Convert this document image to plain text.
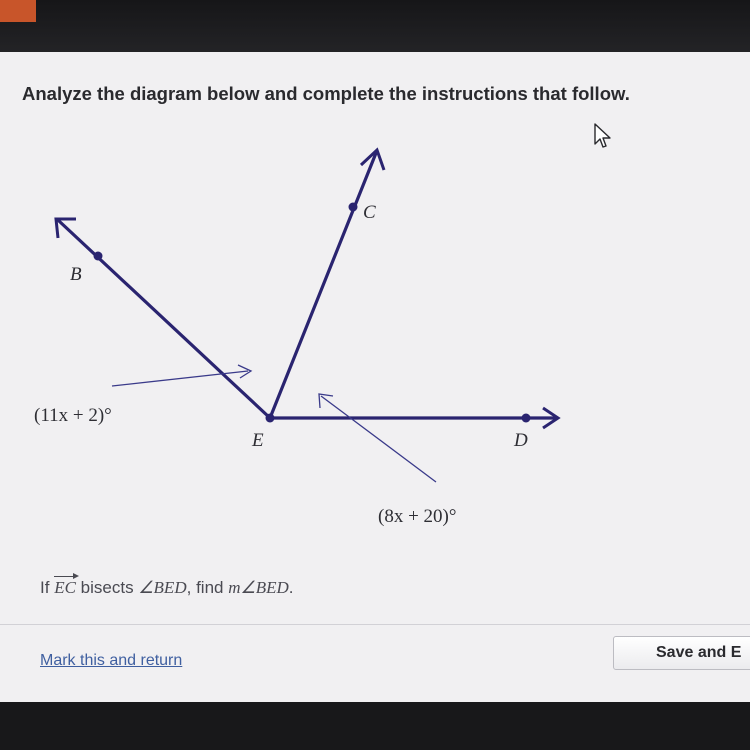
Analyze the diagram below and complete the instructions that follow.
B
C
E	D
(11x + 2)°
(8x + 20)°
If EC bisects ∠BED, find m∠BED.
Mark this and return	Save and E
